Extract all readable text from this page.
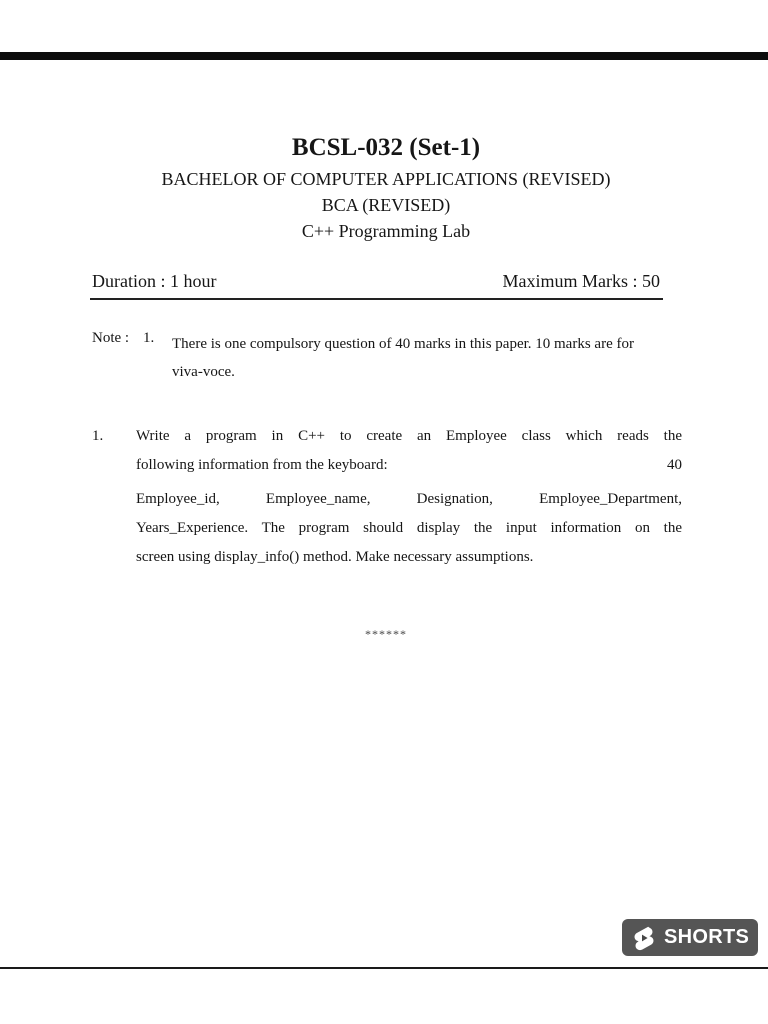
BCSL-032 (Set-1)
BACHELOR OF COMPUTER APPLICATIONS (REVISED)
BCA (REVISED)
C++ Programming Lab
Duration : 1 hour	Maximum Marks : 50
Note : 1. There is one compulsory question of 40 marks in this paper. 10 marks are for viva-voce.
1. Write a program in C++ to create an Employee class which reads the
following information from the keyboard:	40
Employee_id, Employee_name, Designation, Employee_Department,
Years_Experience. The program should display the input information on the
screen using display_info() method. Make necessary assumptions.
******
SHORTS
